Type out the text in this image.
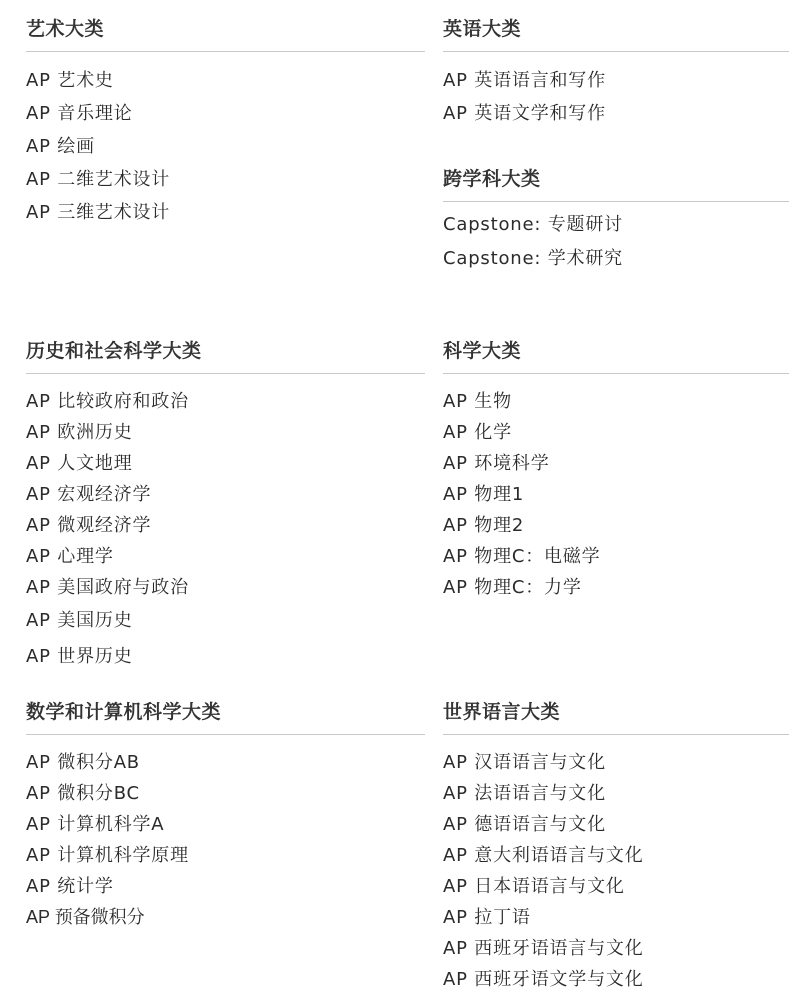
艺术大类
AP 艺术史
AP 音乐理论
AP 绘画
AP 二维艺术设计
AP 三维艺术设计
英语大类
AP 英语语言和写作
AP 英语文学和写作
跨学科大类
Capstone: 专题研讨
Capstone: 学术研究
历史和社会科学大类
AP 比较政府和政治
AP 欧洲历史
AP 人文地理
AP 宏观经济学
AP 微观经济学
AP 心理学
AP 美国政府与政治
AP 美国历史
AP 世界历史
科学大类
AP 生物
AP 化学
AP 环境科学
AP 物理1
AP 物理2
AP 物理C：电磁学
AP 物理C：力学
数学和计算机科学大类
AP 微积分AB
AP 微积分BC
AP 计算机科学A
AP 计算机科学原理
AP 统计学
AP 预备微积分
世界语言大类
AP 汉语语言与文化
AP 法语语言与文化
AP 德语语言与文化
AP 意大利语语言与文化
AP 日本语语言与文化
AP 拉丁语
AP 西班牙语语言与文化
AP 西班牙语文学与文化
